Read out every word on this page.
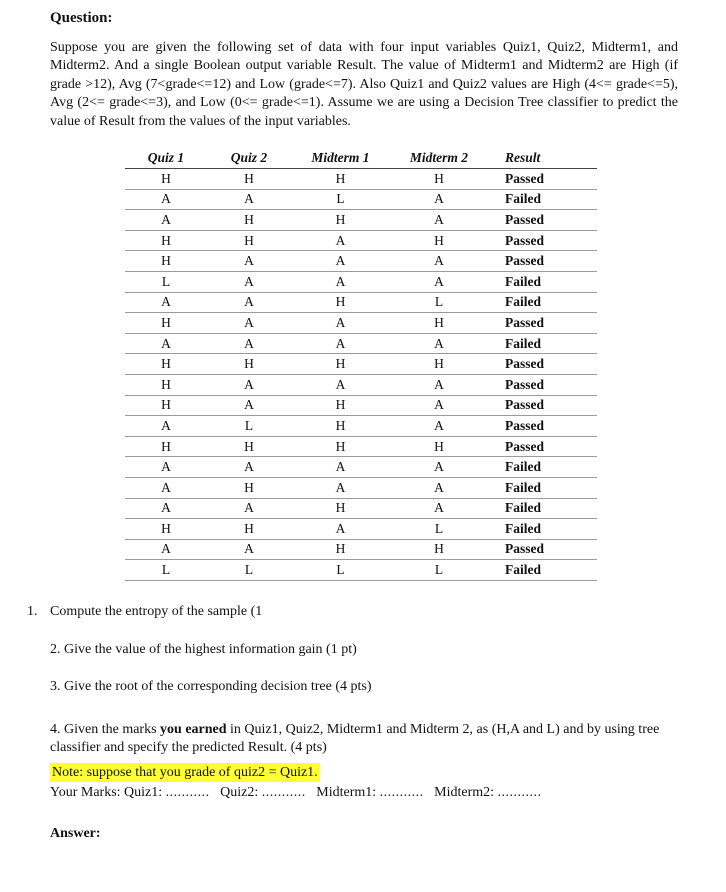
Question:
Suppose you are given the following set of data with four input variables Quiz1, Quiz2, Midterm1, and Midterm2. And a single Boolean output variable Result. The value of Midterm1 and Midterm2 are High (if grade >12), Avg (7<grade<=12) and Low (grade<=7). Also Quiz1 and Quiz2 values are High (4<= grade<=5), Avg (2<= grade<=3), and Low (0<= grade<=1). Assume we are using a Decision Tree classifier to predict the value of Result from the values of the input variables.
Quiz 1	Quiz 2	Midterm 1	Midterm 2	Result
H	H	H	H	Passed
A	A	L	A	Failed
A	H	H	A	Passed
H	H	A	H	Passed
H	A	A	A	Passed
L	A	A	A	Failed
A	A	H	L	Failed
H	A	A	H	Passed
A	A	A	A	Failed
H	H	H	H	Passed
H	A	A	A	Passed
H	A	H	A	Passed
A	L	H	A	Passed
H	H	H	H	Passed
A	A	A	A	Failed
A	H	A	A	Failed
A	A	H	A	Failed
H	H	A	L	Failed
A	A	H	H	Passed
L	L	L	L	Failed
1. Compute the entropy of the sample (1
2. Give the value of the highest information gain (1 pt)
3. Give the root of the corresponding decision tree (4 pts)
4. Given the marks you earned in Quiz1, Quiz2, Midterm1 and Midterm 2, as (H,A and L) and by using tree classifier and specify the predicted Result. (4 pts)
Note: suppose that you grade of quiz2 = Quiz1.
Your Marks: Quiz1: ........... Quiz2: ........... Midterm1: ........... Midterm2: ...........
Answer:
